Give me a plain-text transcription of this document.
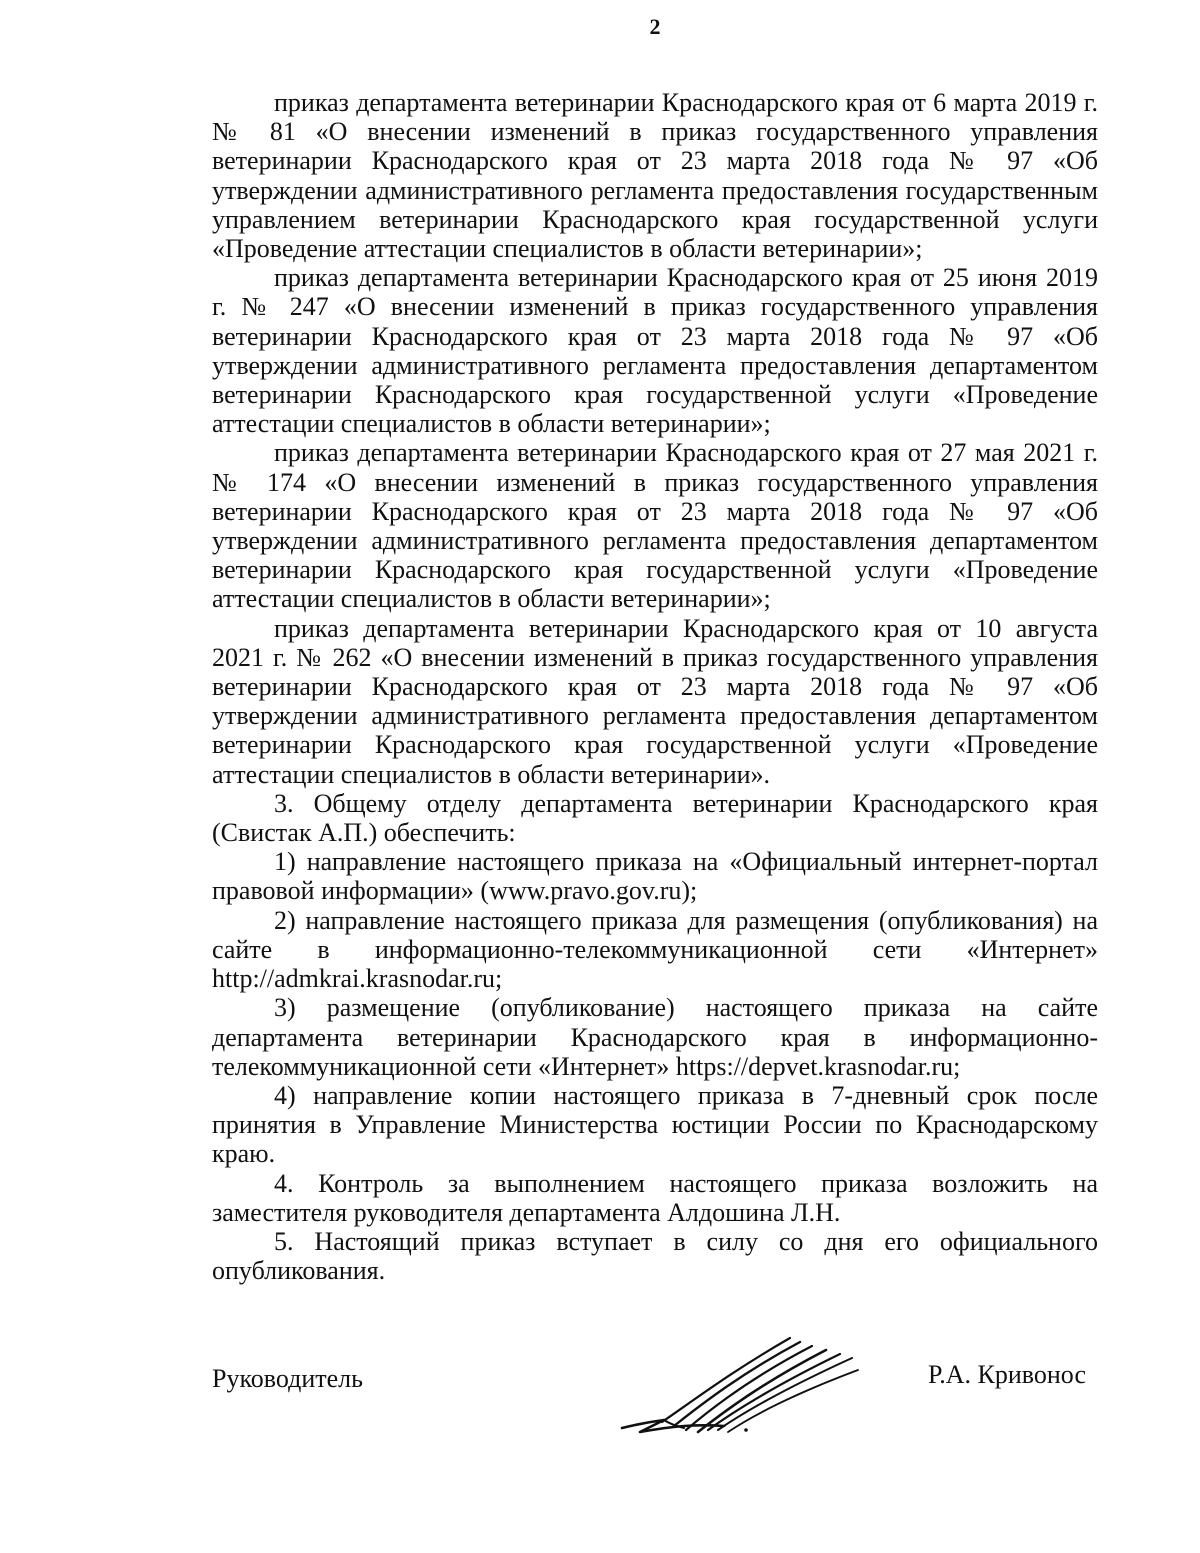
2

приказ департамента ветеринарии Краснодарского края от 6 марта 2019 г. № 81 «О внесении изменений в приказ государственного управления ветеринарии Краснодарского края от 23 марта 2018 года № 97 «Об утверждении административного регламента предоставления государственным управлением ветеринарии Краснодарского края государственной услуги «Проведение аттестации специалистов в области ветеринарии»;

приказ департамента ветеринарии Краснодарского края от 25 июня 2019 г. № 247 «О внесении изменений в приказ государственного управления ветеринарии Краснодарского края от 23 марта 2018 года № 97 «Об утверждении административного регламента предоставления департаментом ветеринарии Краснодарского края государственной услуги «Проведение аттестации специалистов в области ветеринарии»;

приказ департамента ветеринарии Краснодарского края от 27 мая 2021 г. № 174 «О внесении изменений в приказ государственного управления ветеринарии Краснодарского края от 23 марта 2018 года № 97 «Об утверждении административного регламента предоставления департаментом ветеринарии Краснодарского края государственной услуги «Проведение аттестации специалистов в области ветеринарии»;

приказ департамента ветеринарии Краснодарского края от 10 августа 2021 г. № 262 «О внесении изменений в приказ государственного управления ветеринарии Краснодарского края от 23 марта 2018 года № 97 «Об утверждении административного регламента предоставления департаментом ветеринарии Краснодарского края государственной услуги «Проведение аттестации специалистов в области ветеринарии».

3. Общему отделу департамента ветеринарии Краснодарского края (Свистак А.П.) обеспечить:

1) направление настоящего приказа на «Официальный интернет-портал правовой информации» (www.pravo.gov.ru);

2) направление настоящего приказа для размещения (опубликования) на сайте в информационно-телекоммуникационной сети «Интернет» http://admkrai.krasnodar.ru;

3) размещение (опубликование) настоящего приказа на сайте департамента ветеринарии Краснодарского края в информационно-телекоммуникационной сети «Интернет» https://depvet.krasnodar.ru;

4) направление копии настоящего приказа в 7-дневный срок после принятия в Управление Министерства юстиции России по Краснодарскому краю.

4. Контроль за выполнением настоящего приказа возложить на заместителя руководителя департамента Алдошина Л.Н.

5. Настоящий приказ вступает в силу со дня его официального опубликования.

Руководитель	Р.А. Кривонос
